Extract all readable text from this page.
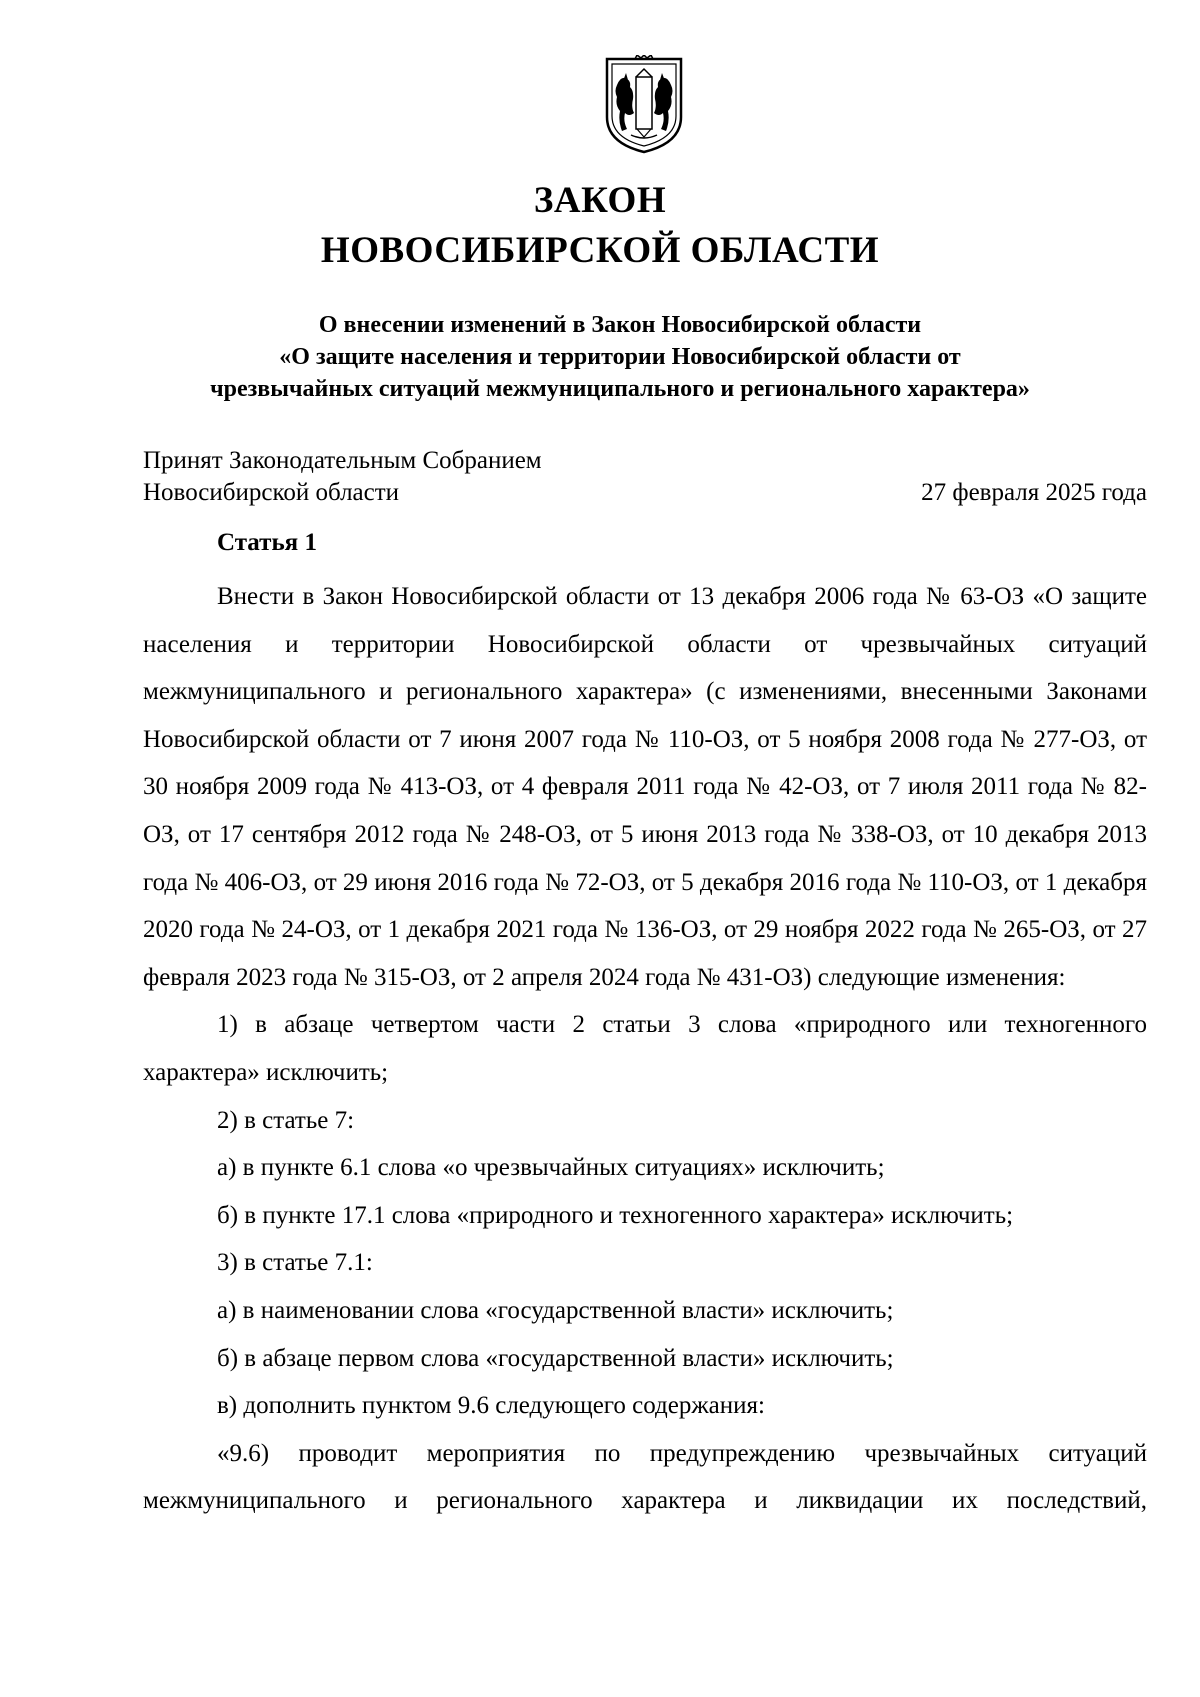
ЗАКОН
НОВОСИБИРСКОЙ ОБЛАСТИ
О внесении изменений в Закон Новосибирской области
«О защите населения и территории Новосибирской области от
чрезвычайных ситуаций межмуниципального и регионального характера»
Принят Законодательным Собранием
Новосибирской области	27 февраля 2025 года
Статья 1

Внести в Закон Новосибирской области от 13 декабря 2006 года № 63-ОЗ «О защите населения и территории Новосибирской области от чрезвычайных ситуаций межмуниципального и регионального характера» (с изменениями, внесенными Законами Новосибирской области от 7 июня 2007 года № 110-ОЗ, от 5 ноября 2008 года № 277-ОЗ, от 30 ноября 2009 года № 413-ОЗ, от 4 февраля 2011 года № 42-ОЗ, от 7 июля 2011 года № 82-ОЗ, от 17 сентября 2012 года № 248-ОЗ, от 5 июня 2013 года № 338-ОЗ, от 10 декабря 2013 года № 406-ОЗ, от 29 июня 2016 года № 72-ОЗ, от 5 декабря 2016 года № 110-ОЗ, от 1 декабря 2020 года № 24-ОЗ, от 1 декабря 2021 года № 136-ОЗ, от 29 ноября 2022 года № 265-ОЗ, от 27 февраля 2023 года № 315-ОЗ, от 2 апреля 2024 года № 431-ОЗ) следующие изменения:

1) в абзаце четвертом части 2 статьи 3 слова «природного или техногенного характера» исключить;

2) в статье 7:

а) в пункте 6.1 слова «о чрезвычайных ситуациях» исключить;

б) в пункте 17.1 слова «природного и техногенного характера» исключить;

3) в статье 7.1:

а) в наименовании слова «государственной власти» исключить;

б) в абзаце первом слова «государственной власти» исключить;

в) дополнить пунктом 9.6 следующего содержания:

«9.6) проводит мероприятия по предупреждению чрезвычайных ситуаций межмуниципального и регионального характера и ликвидации их последствий,
